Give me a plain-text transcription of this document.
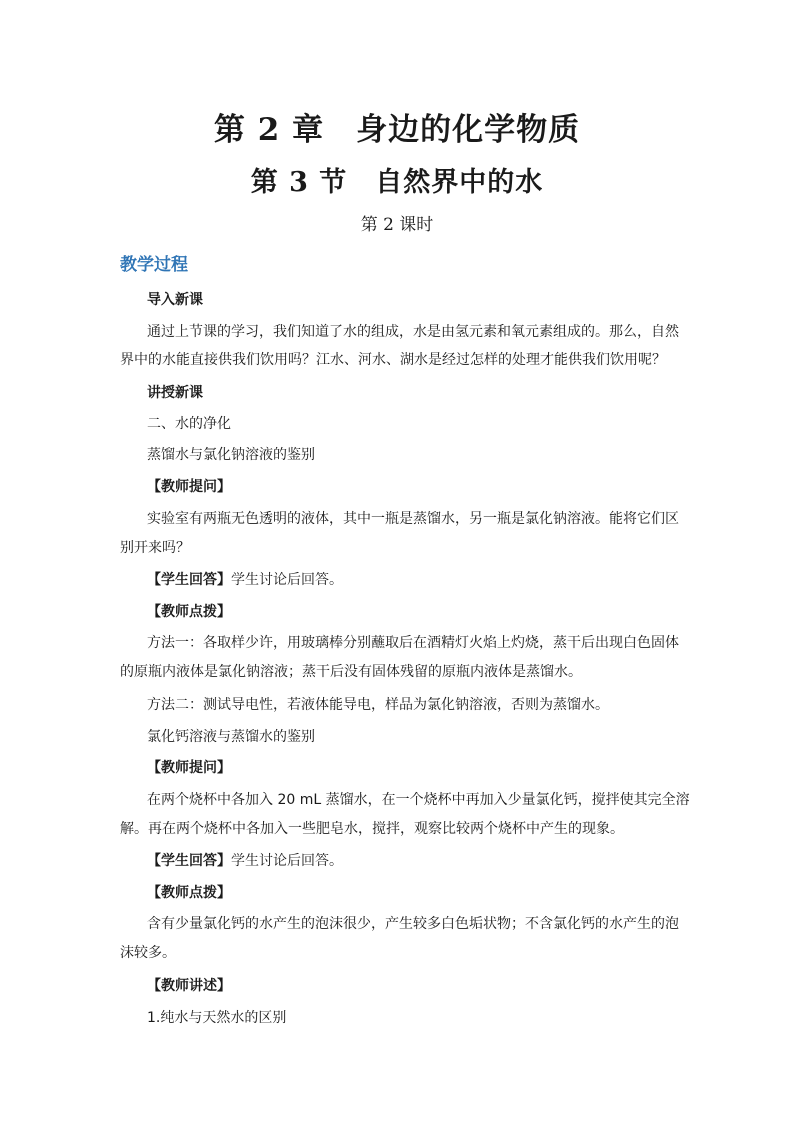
第 2 章　身边的化学物质
第 3 节　自然界中的水
第 2 课时
教学过程
导入新课
通过上节课的学习，我们知道了水的组成，水是由氢元素和氧元素组成的。那么，自然
界中的水能直接供我们饮用吗？江水、河水、湖水是经过怎样的处理才能供我们饮用呢？
讲授新课
二、水的净化
蒸馏水与氯化钠溶液的鉴别
【教师提问】
实验室有两瓶无色透明的液体，其中一瓶是蒸馏水，另一瓶是氯化钠溶液。能将它们区
别开来吗？
【学生回答】学生讨论后回答。
【教师点拨】
方法一：各取样少许，用玻璃棒分别蘸取后在酒精灯火焰上灼烧，蒸干后出现白色固体
的原瓶内液体是氯化钠溶液；蒸干后没有固体残留的原瓶内液体是蒸馏水。
方法二：测试导电性，若液体能导电，样品为氯化钠溶液，否则为蒸馏水。
氯化钙溶液与蒸馏水的鉴别
【教师提问】
在两个烧杯中各加入 20 mL 蒸馏水，在一个烧杯中再加入少量氯化钙，搅拌使其完全溶
解。再在两个烧杯中各加入一些肥皂水，搅拌，观察比较两个烧杯中产生的现象。
【学生回答】学生讨论后回答。
【教师点拨】
含有少量氯化钙的水产生的泡沫很少，产生较多白色垢状物；不含氯化钙的水产生的泡
沫较多。
【教师讲述】
1.纯水与天然水的区别
